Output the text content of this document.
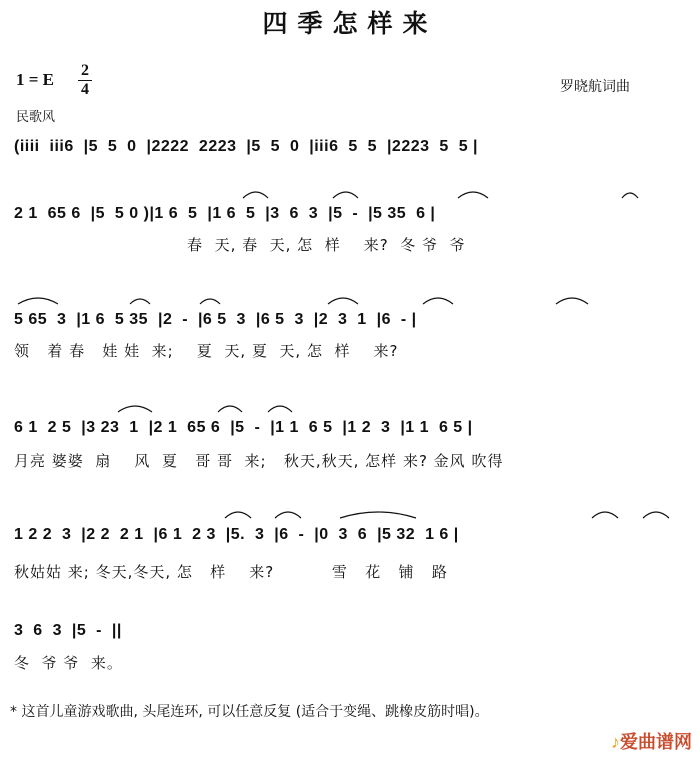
四季怎样来
1 = E 2
4	罗晓航词曲
民歌风
(iiii  iii6  |5  5  0  |2222  2223  |5  5  0  |iii6  5  5  |2223  5  5 |
2 1  65 6  |5  5 0 )|1 6  5  |1 6  5  |3  6  3  |5  -  |5 35  6 |
春  天, 春  天, 怎  样    来?  冬 爷  爷
5 65  3  |1 6  5 35  |2  -  |6 5  3  |6 5  3  |2  3  1  |6  - |
领   着 春   娃 娃  来;    夏  天, 夏  天, 怎  样    来?
6 1  2 5  |3 23  1  |2 1  65 6  |5  -  |1 1  6 5  |1 2  3  |1 1  6 5 |
月亮 婆婆  扇    风  夏   哥 哥  来;   秋天,秋天, 怎样 来? 金风 吹得
1 2 2  3  |2 2  2 1  |6 1  2 3  |5.  3  |6  -  |0  3  6  |5 32  1 6 |
秋姑姑 来; 冬天,冬天, 怎   样    来?          雪   花   铺   路
3  6  3  |5  -  ||
冬  爷 爷  来。
* 这首儿童游戏歌曲, 头尾连环, 可以任意反复 (适合于变绳、跳橡皮筋时唱)。
♪爱曲谱网
